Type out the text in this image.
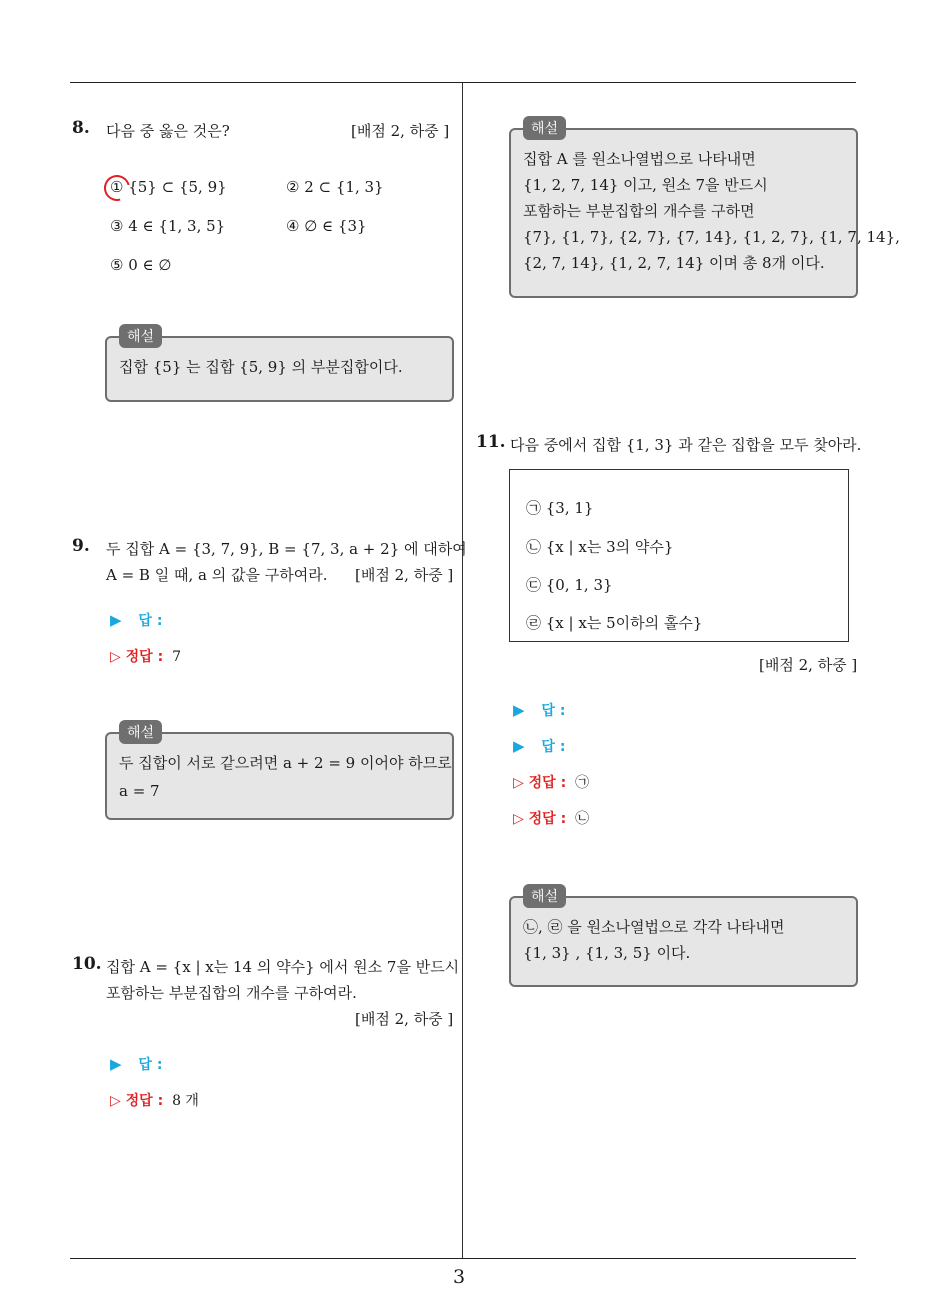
8. 다음 중 옳은 것은?	[배점 2, 하중 ]
① {5} ⊂ {5, 9}	② 2 ⊂ {1, 3}
③ 4 ∈ {1, 3, 5}	④ ∅ ∈ {3}
⑤ 0 ∈ ∅

집합 {5} 는 집합 {5, 9} 의 부분집합이다.

해설
9. 두 집합 A = {3, 7, 9}, B = {7, 3, a + 2} 에 대하여
A = B 일 때, a 의 값을 구하여라. [배점 2, 하중 ]
▶ 답 :
▷ 정답 : 7

두 집합이 서로 같으려면 a + 2 = 9 이어야 하므로

a = 7

해설
10. 집합 A = {x | x는 14 의 약수} 에서 원소 7을 반드시
포함하는 부분집합의 개수를 구하여라.
[배점 2, 하중 ]
▶ 답 :
▷ 정답 : 8 개

집합 A 를 원소나열법으로 나타내면

{1, 2, 7, 14} 이고, 원소 7을 반드시

포함하는 부분집합의 개수를 구하면

{7}, {1, 7}, {2, 7}, {7, 14}, {1, 2, 7}, {1, 7, 14},

{2, 7, 14}, {1, 2, 7, 14} 이며 총 8개 이다.

해설
11. 다음 중에서 집합 {1, 3} 과 같은 집합을 모두 찾아라.
㉠ {3, 1}
㉡ {x | x는 3의 약수}
㉢ {0, 1, 3}
㉣ {x | x는 5이하의 홀수}
[배점 2, 하중 ]
▶ 답 :
▶ 답 :
▷ 정답 : ㉠
▷ 정답 : ㉡

㉡, ㉣ 을 원소나열법으로 각각 나타내면

{1, 3} , {1, 3, 5} 이다.

해설
3
